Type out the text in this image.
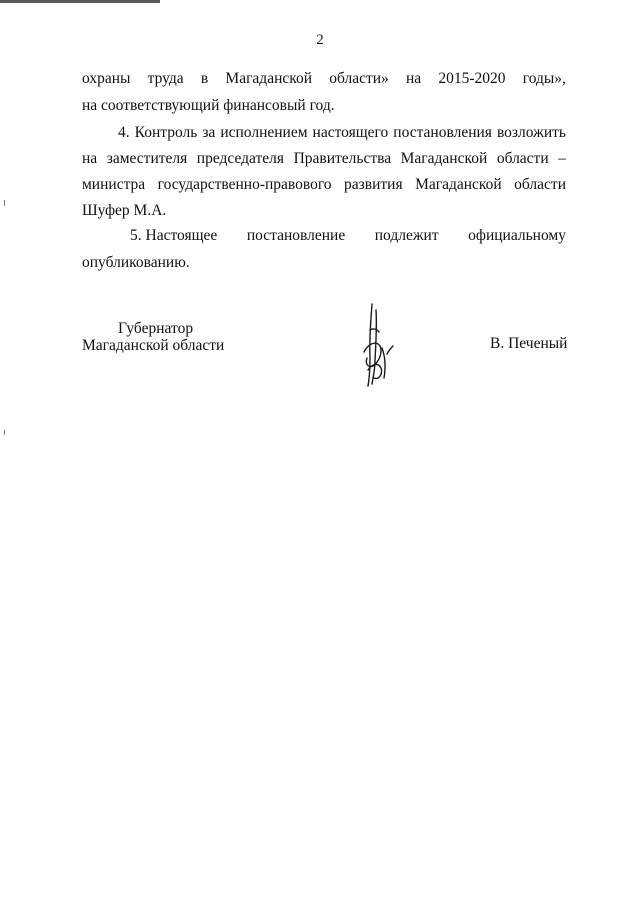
2
охраны труда в Магаданской области» на 2015-2020 годы»,
на соответствующий финансовый год.
4. Контроль за исполнением настоящего постановления возложить
на заместителя председателя Правительства Магаданской области –
министра государственно-правового развития Магаданской области
Шуфер М.А.
5. Настоящее постановление подлежит официальному
опубликованию.
Губернатор
Магаданской области	В. Печеный
